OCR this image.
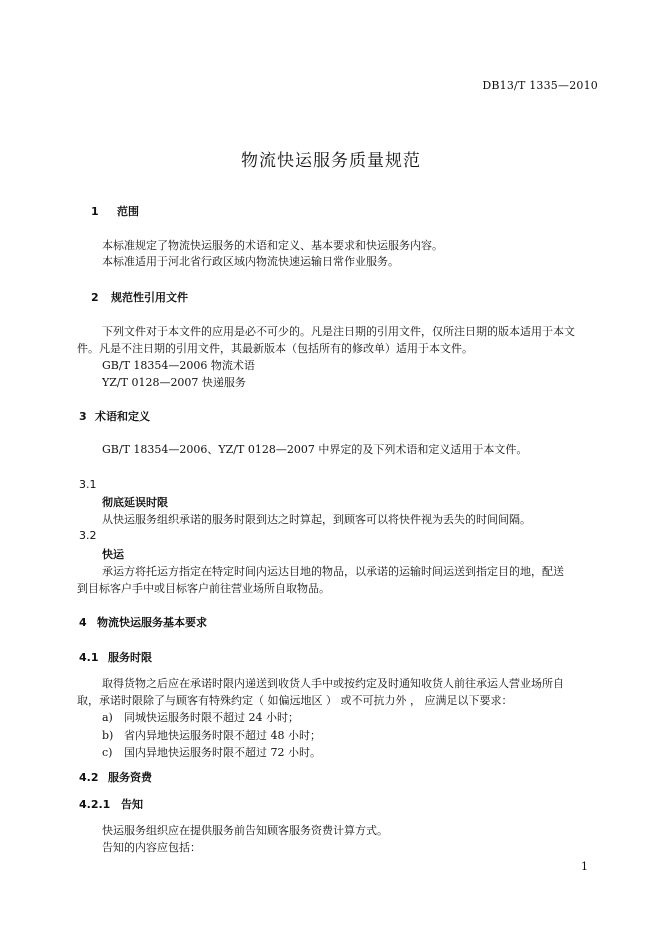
DB13/T 1335—2010
物流快运服务质量规范
1 范围
本标准规定了物流快运服务的术语和定义、基本要求和快运服务内容。
本标准适用于河北省行政区域内物流快速运输日常作业服务。
2 规范性引用文件
下列文件对于本文件的应用是必不可少的。凡是注日期的引用文件，仅所注日期的版本适用于本文
件。凡是不注日期的引用文件，其最新版本（包括所有的修改单）适用于本文件。
GB/T 18354—2006 物流术语
YZ/T 0128—2007 快递服务
3 术语和定义
GB/T 18354—2006、YZ/T 0128—2007 中界定的及下列术语和定义适用于本文件。
3.1
彻底延误时限
从快运服务组织承诺的服务时限到达之时算起，到顾客可以将快件视为丢失的时间间隔。
3.2
快运
承运方将托运方指定在特定时间内运达目地的物品，以承诺的运输时间运送到指定目的地，配送
到目标客户手中或目标客户前往营业场所自取物品。
4 物流快运服务基本要求
4.1 服务时限
取得货物之后应在承诺时限内递送到收货人手中或按约定及时通知收货人前往承运人营业场所自
取，承诺时限除了与顾客有特殊约定（ 如偏远地区 ） 或不可抗力外 ， 应满足以下要求：
a) 同城快运服务时限不超过 24 小时；
b) 省内异地快运服务时限不超过 48 小时；
c) 国内异地快运服务时限不超过 72 小时。
4.2 服务资费
4.2.1 告知
快运服务组织应在提供服务前告知顾客服务资费计算方式。
告知的内容应包括：
1
